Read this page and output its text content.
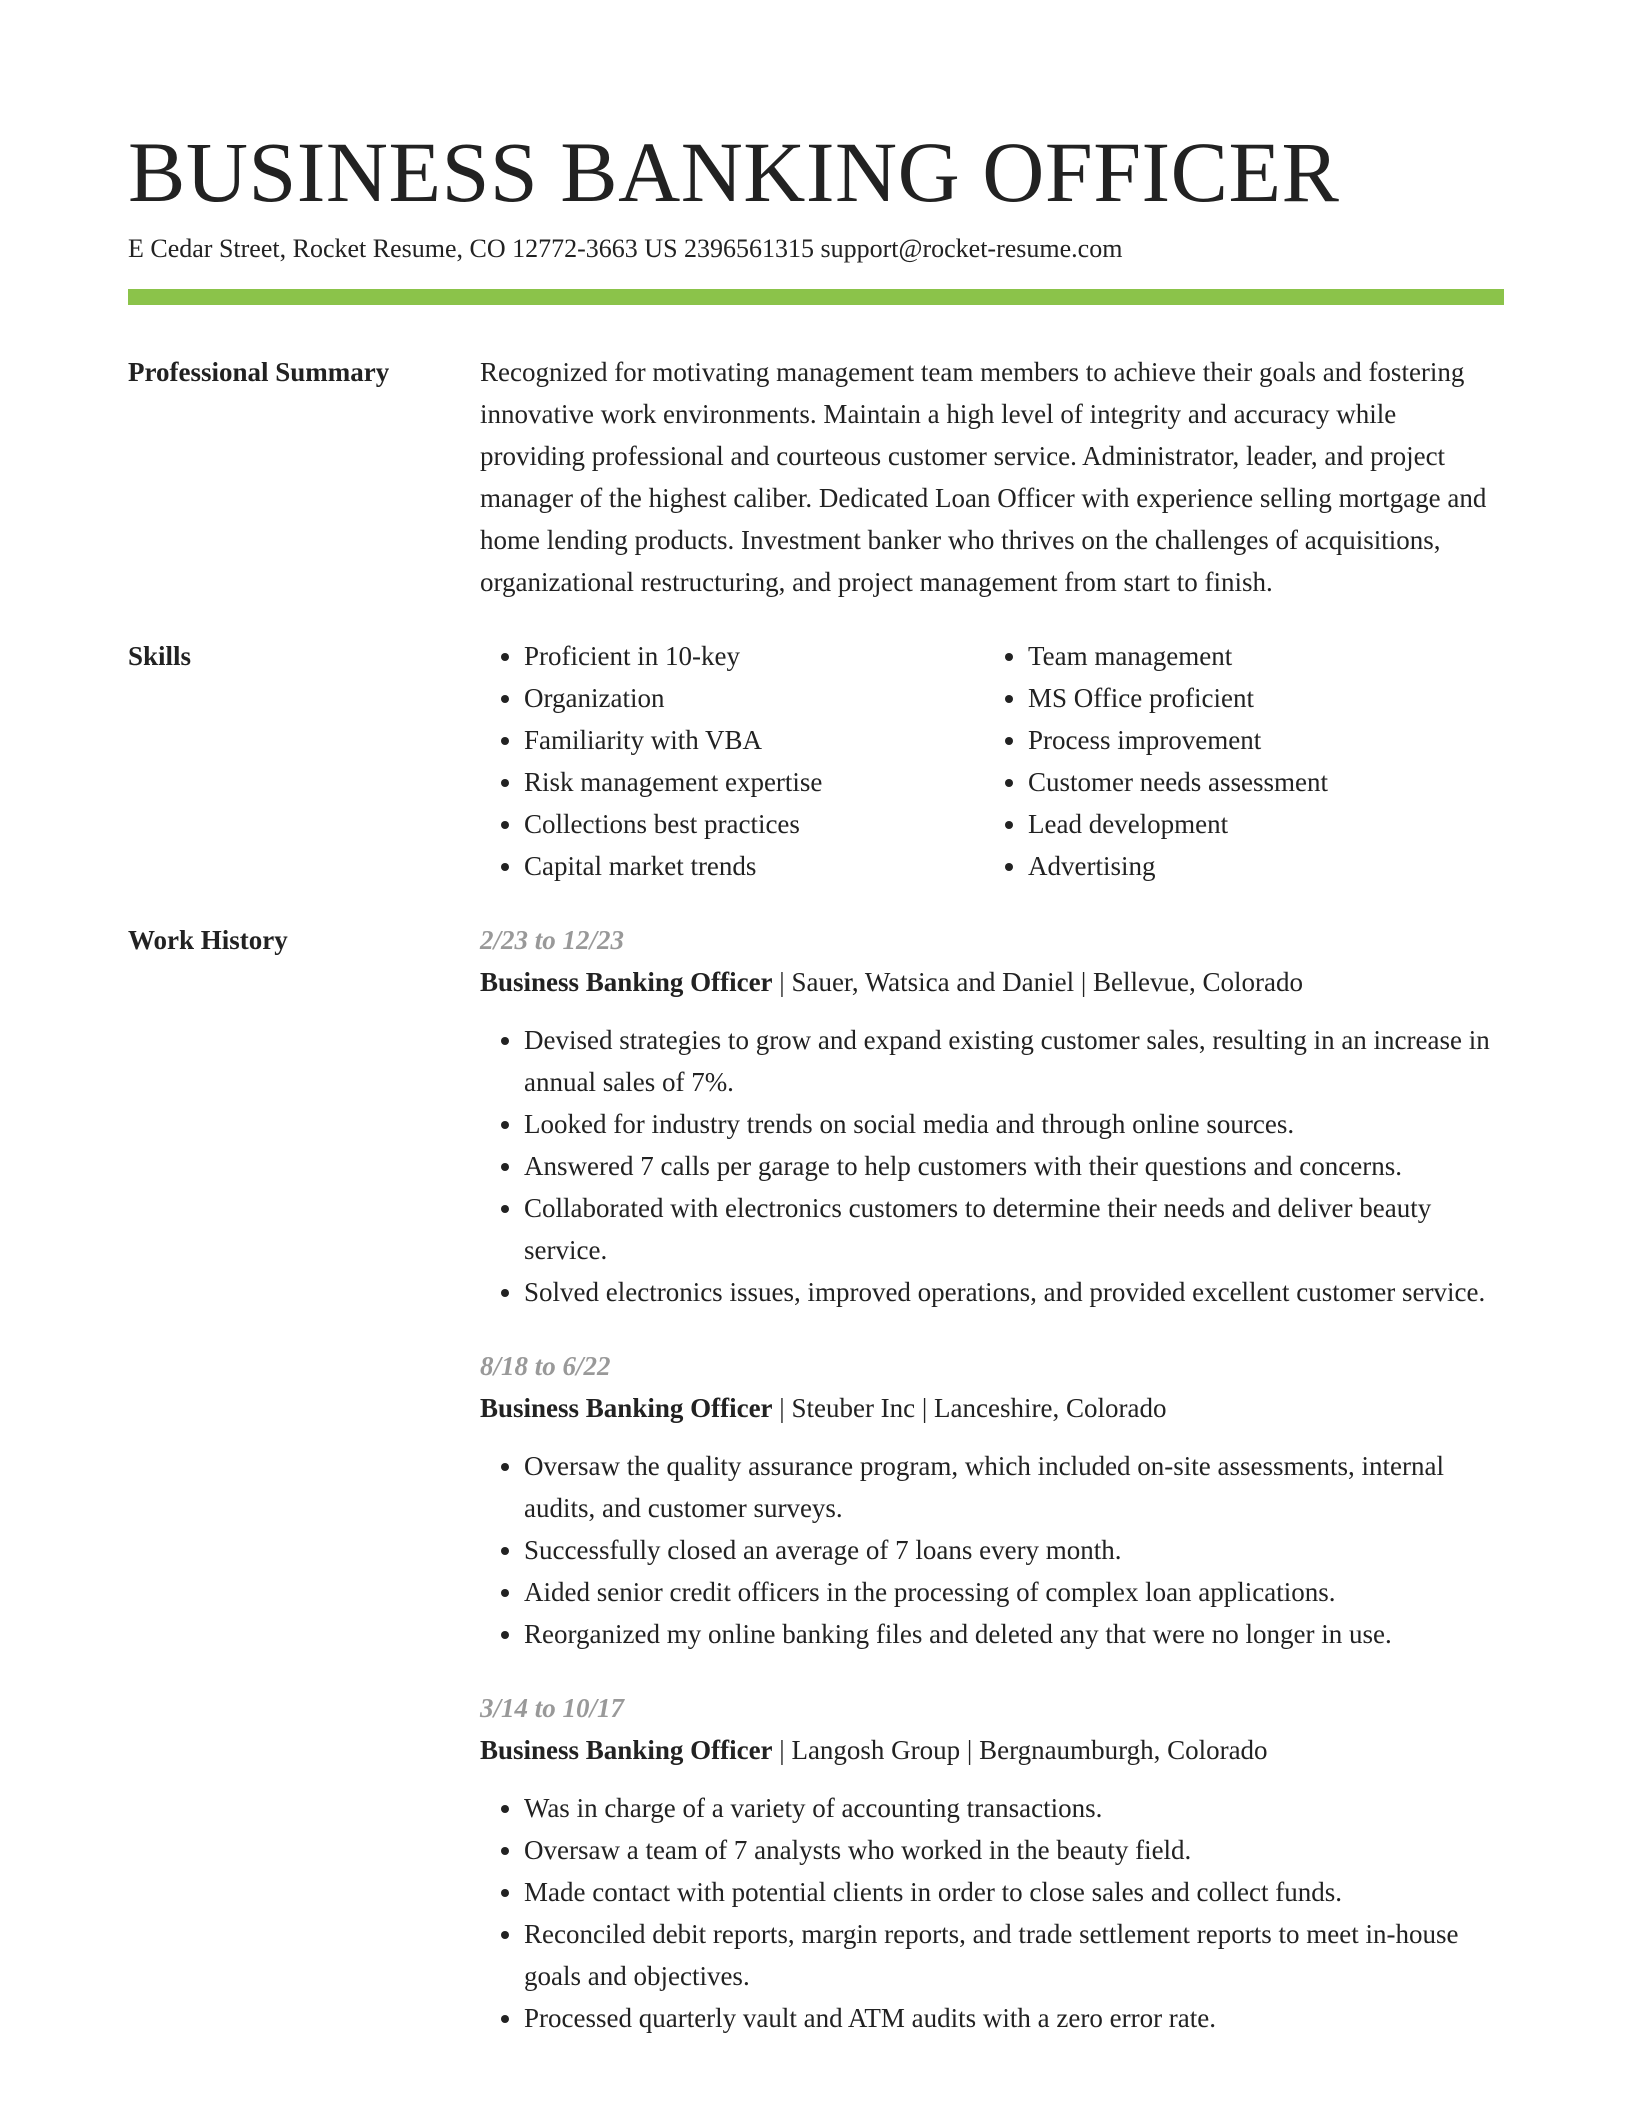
BUSINESS BANKING OFFICER
E Cedar Street, Rocket Resume, CO 12772-3663 US 2396561315 support@rocket-resume.com
Professional Summary	Recognized for motivating management team members to achieve their goals and fostering innovative work environments. Maintain a high level of integrity and accuracy while providing professional and courteous customer service. Administrator, leader, and project manager of the highest caliber. Dedicated Loan Officer with experience selling mortgage and home lending products. Investment banker who thrives on the challenges of acquisitions, organizational restructuring, and project management from start to finish.

Skills
•	Proficient in 10-key
• Organization
• Familiarity with VBA
• Risk management expertise
• Collections best practices
• Capital market trends
• Team management
• MS Office proficient
• Process improvement
• Customer needs assessment
• Lead development
• Advertising
Work History	2/23 to 12/23
Business Banking Officer | Sauer, Watsica and Daniel | Bellevue, Colorado
• Devised strategies to grow and expand existing customer sales, resulting in an increase in annual sales of 7%.
• Looked for industry trends on social media and through online sources.
• Answered 7 calls per garage to help customers with their questions and concerns.
• Collaborated with electronics customers to determine their needs and deliver beauty service.
• Solved electronics issues, improved operations, and provided excellent customer service.
8/18 to 6/22
Business Banking Officer | Steuber Inc | Lanceshire, Colorado
• Oversaw the quality assurance program, which included on-site assessments, internal audits, and customer surveys.
• Successfully closed an average of 7 loans every month.
• Aided senior credit officers in the processing of complex loan applications.
• Reorganized my online banking files and deleted any that were no longer in use.
3/14 to 10/17
Business Banking Officer | Langosh Group | Bergnaumburgh, Colorado
• Was in charge of a variety of accounting transactions.
• Oversaw a team of 7 analysts who worked in the beauty field.
• Made contact with potential clients in order to close sales and collect funds.
• Reconciled debit reports, margin reports, and trade settlement reports to meet in-house goals and objectives.
• Processed quarterly vault and ATM audits with a zero error rate.
